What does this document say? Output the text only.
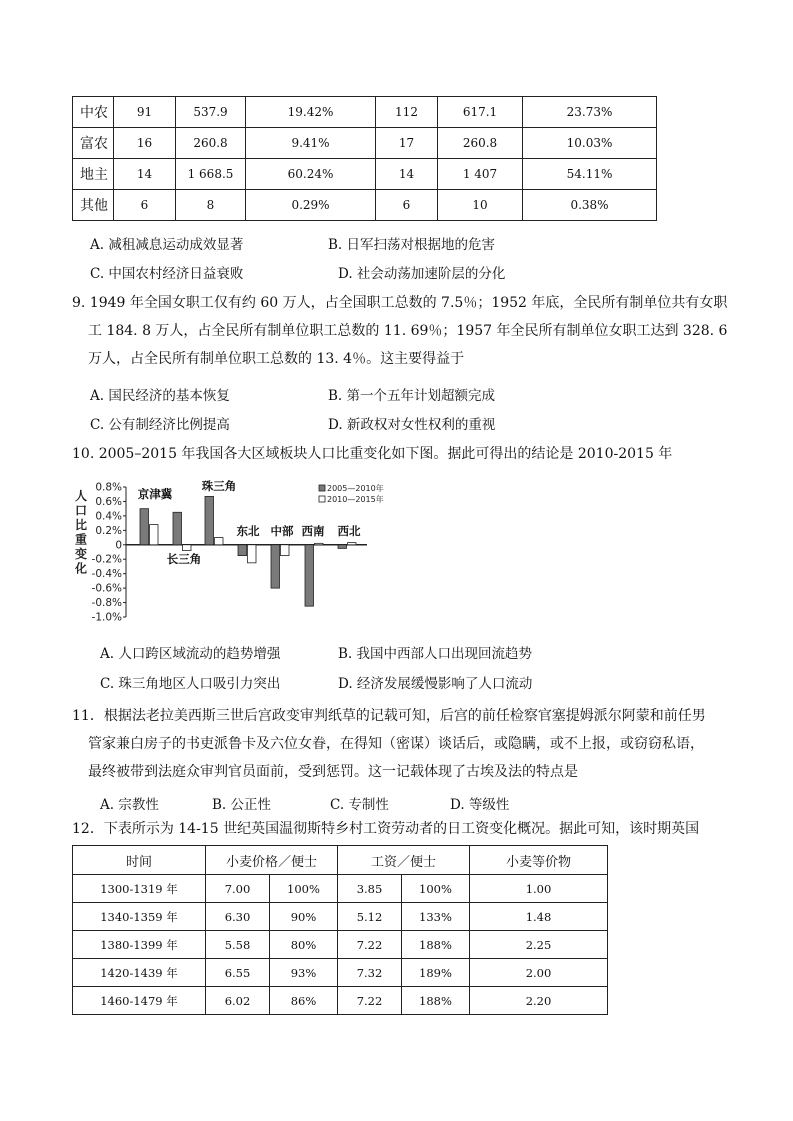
中农	91	537.9	19.42%	112	617.1	23.73%
富农	16	260.8	9.41%	17	260.8	10.03%
地主	14	1 668.5	60.24%	14	1 407	54.11%
其他	6	8	0.29%	6	10	0.38%
A. 减租减息运动成效显著	B. 日军扫荡对根据地的危害
C. 中国农村经济日益衰败	D. 社会动荡加速阶层的分化
9. 1949 年全国女职工仅有约 60 万人，占全国职工总数的 7.5％；1952 年底，全民所有制单位共有女职
工 184. 8 万人，占全民所有制单位职工总数的 11. 69％；1957 年全民所有制单位女职工达到 328. 6
万人，占全民所有制单位职工总数的 13. 4％。这主要得益于
A. 国民经济的基本恢复	B. 第一个五年计划超额完成
C. 公有制经济比例提高	D. 新政权对女性权利的重视
10. 2005–2015 年我国各大区域板块人口比重变化如下图。据此可得出的结论是 2010-2015 年
0.8%
0.6%
0.4%
0.2%
0
-0.2%
-0.4%
-0.6%
-0.8%
-1.0%
人
口
比
重
变
化
京津冀
长三角
珠三角
东北 中部 西南 西北
2005—2010年
2010—2015年
A. 人口跨区域流动的趋势增强	B. 我国中西部人口出现回流趋势
C. 珠三角地区人口吸引力突出	D. 经济发展缓慢影响了人口流动
11．根据法老拉美西斯三世后宫政变审判纸草的记载可知，后宫的前任检察官塞提姆派尔阿蒙和前任男
管家兼白房子的书吏派鲁卡及六位女眷，在得知（密谋）谈话后，或隐瞒，或不上报，或窃窃私语，
最终被带到法庭众审判官员面前，受到惩罚。这一记载体现了古埃及法的特点是
A. 宗教性	B. 公正性	C. 专制性	D. 等级性
12．下表所示为 14-15 世纪英国温彻斯特乡村工资劳动者的日工资变化概况。据此可知，该时期英国
时间	小麦价格／便士		工资／便士		小麦等价物
1300-1319 年	7.00	100%	3.85	100%	1.00
1340-1359 年	6.30	90%	5.12	133%	1.48
1380-1399 年	5.58	80%	7.22	188%	2.25
1420-1439 年	6.55	93%	7.32	189%	2.00
1460-1479 年	6.02	86%	7.22	188%	2.20
